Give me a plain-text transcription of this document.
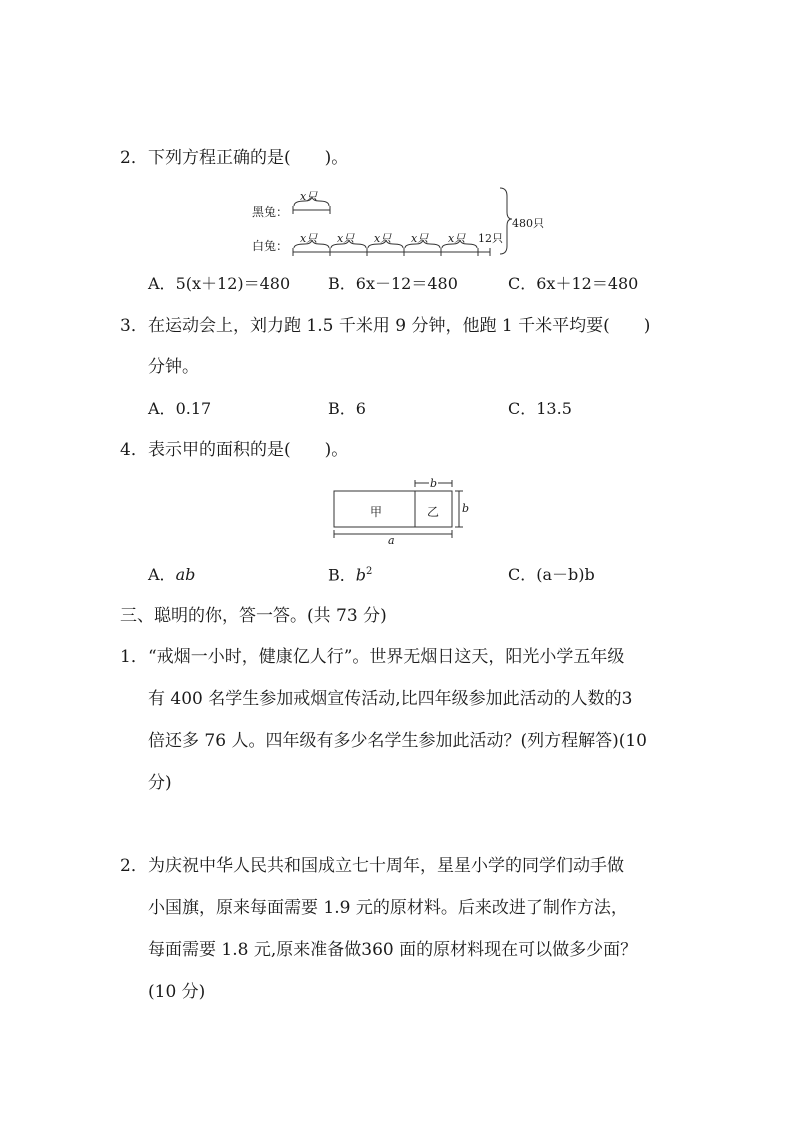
2． 下列方程正确的是(　　)。
黑兔：
白兔：
x只
x只 x只 x只 x只 x只 12只
480只
A．5(x＋12)＝480 B．6x－12＝480	C．6x＋12＝480
3． 在运动会上，刘力跑 1.5 千米用 9 分钟，他跑 1 千米平均要(　　)
分钟。
A．0.17	B．6	C．13.5
4． 表示甲的面积的是(　　)。
甲	乙
b
b
a
A．ab	B．$b^2$	C．(a－b)b
三、聪明的你，答一答。(共 73 分)
1． “戒烟一小时，健康亿人行”。世界无烟日这天，阳光小学五年级
有 400 名学生参加戒烟宣传活动,比四年级参加此活动的人数的3
倍还多 76 人。四年级有多少名学生参加此活动？(列方程解答)(10
分)
2． 为庆祝中华人民共和国成立七十周年，星星小学的同学们动手做
小国旗，原来每面需要 1.9 元的原材料。后来改进了制作方法，
每面需要 1.8 元,原来准备做360 面的原材料现在可以做多少面？
(10 分)
